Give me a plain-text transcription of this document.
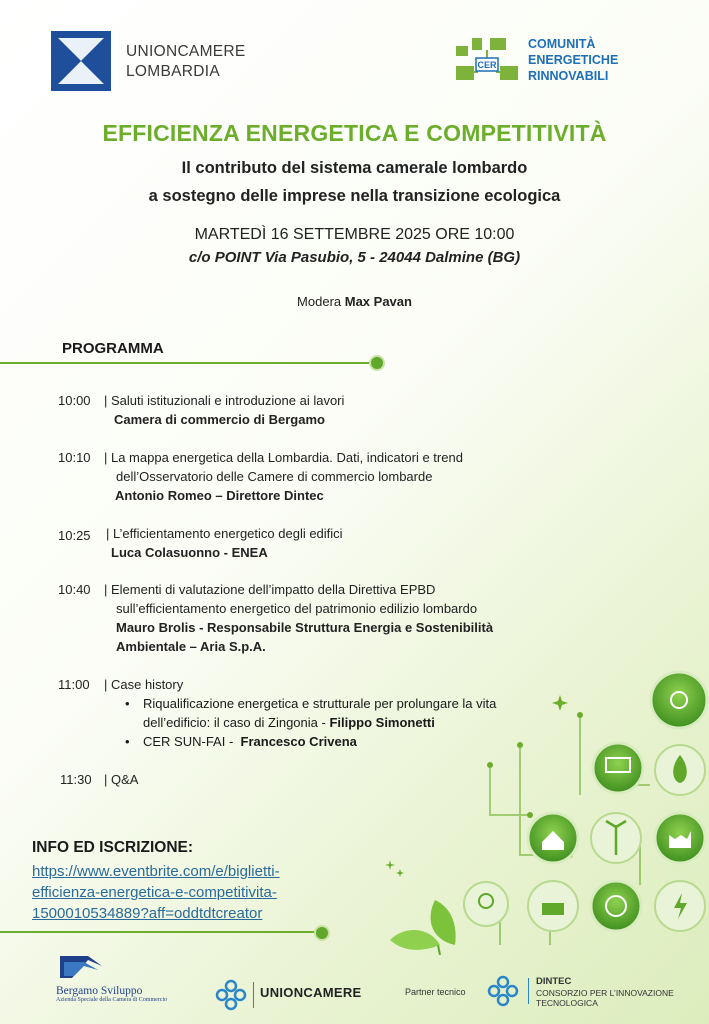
UNIONCAMERE
LOMBARDIA	CER
COMUNITÀ
ENERGETICHE
RINNOVABILI
EFFICIENZA ENERGETICA E COMPETITIVITÀ
Il contributo del sistema camerale lombardo
a sostegno delle imprese nella transizione ecologica
MARTEDÌ 16 SETTEMBRE 2025 ORE 10:00
c/o POINT Via Pasubio, 5 - 24044 Dalmine (BG)
Modera Max Pavan
PROGRAMMA
10:00 | Saluti istituzionali e introduzione ai lavori
Camera di commercio di Bergamo
10:10 | La mappa energetica della Lombardia. Dati, indicatori e trend
dell’Osservatorio delle Camere di commercio lombarde
Antonio Romeo – Direttore Dintec
10:25 | L’efficientamento energetico degli edifici
Luca Colasuonno - ENEA
10:40 | Elementi di valutazione dell’impatto della Direttiva EPBD
sull’efficientamento energetico del patrimonio edilizio lombardo
Mauro Brolis - Responsabile Struttura Energia e Sostenibilità
Ambientale – Aria S.p.A.
11:00 | Case history
• Riqualificazione energetica e strutturale per prolungare la vita
dell’edificio: il caso di Zingonia - Filippo Simonetti
• CER SUN-FAI -  Francesco Crivena
11:30 | Q&A
INFO ED ISCRIZIONE:
https://www.eventbrite.com/e/biglietti-
efficienza-energetica-e-competitivita-
1500010534889?aff=oddtdtcreator
Bergamo Sviluppo
Azienda Speciale della Camera di Commercio	UNIONCAMERE	Partner tecnico
DINTEC
CONSORZIO PER L’INNOVAZIONE
TECNOLOGICA
